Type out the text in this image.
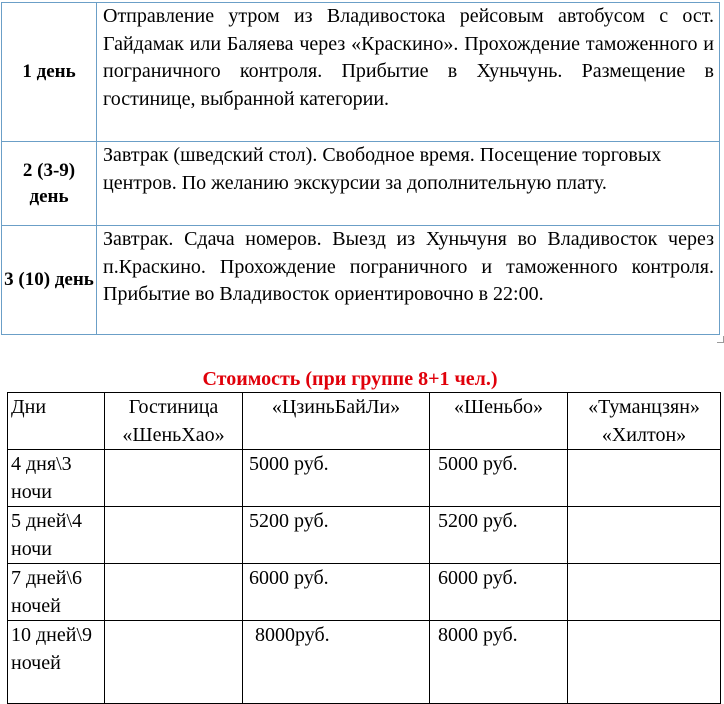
1 день	Отправление утром из Владивостока рейсовым автобусом с ост. Гайдамак или Баляева через «Краскино». Прохождение таможенного и пограничного контроля. Прибытие в Хуньчунь. Размещение в гостинице, выбранной категории.
2 (3-9) день	Завтрак (шведский стол). Свободное время. Посещение торговых центров. По желанию экскурсии за дополнительную плату.
3 (10) день	Завтрак. Сдача номеров. Выезд из Хуньчуня во Владивосток через п.Краскино. Прохождение пограничного и таможенного контроля. Прибытие во Владивосток ориентировочно в 22:00.
Стоимость (при группе 8+1 чел.)
Дни	Гостиница «ШеньХао»	«ЦзиньБайЛи»	«Шеньбо»	«Туманцзян» «Хилтон»
4 дня\3 ночи		5000 руб.	5000 руб.	
5 дней\4 ночи		5200 руб.	5200 руб.	
7 дней\6 ночей		6000 руб.	6000 руб.	
10 дней\9 ночей		8000руб.	8000 руб.	
